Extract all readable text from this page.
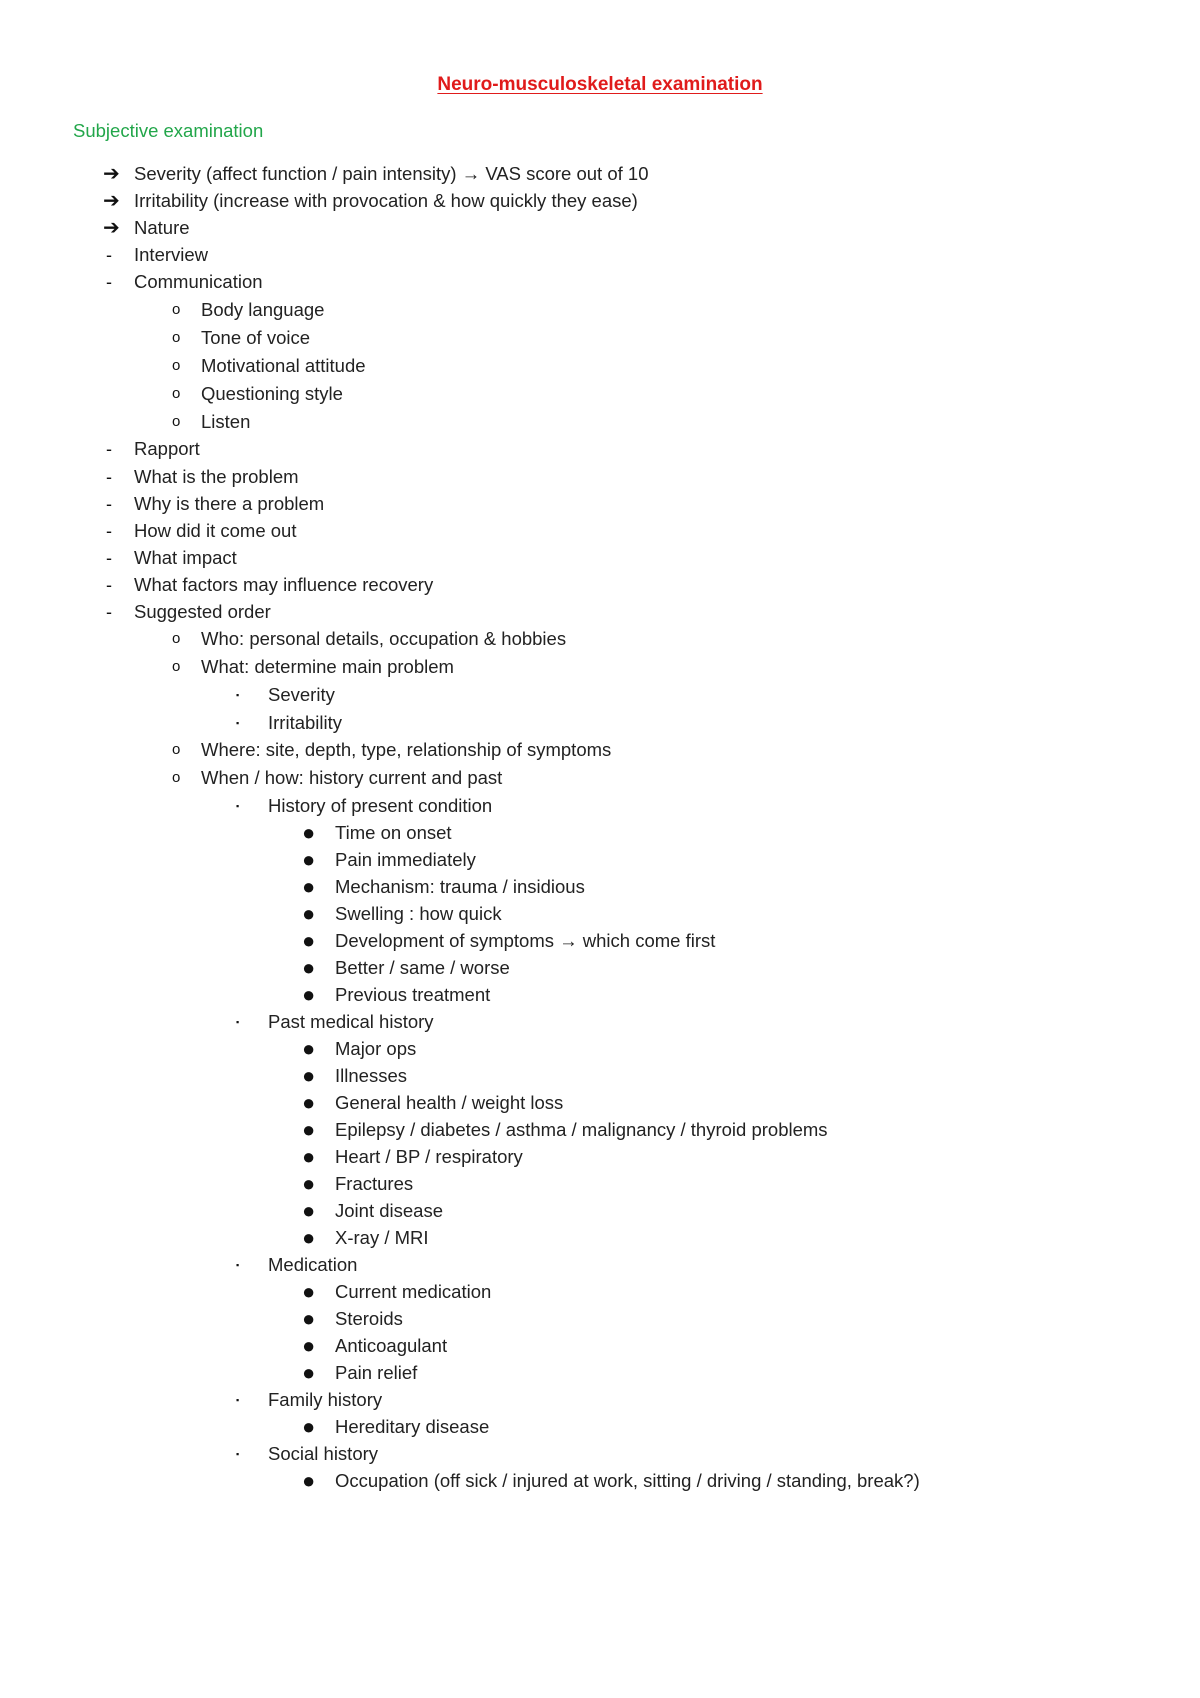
Neuro-musculoskeletal examination
Subjective examination
➔ Severity (affect function / pain intensity) → VAS score out of 10
➔ Irritability (increase with provocation & how quickly they ease)
➔ Nature
- Interview
- Communication
o Body language
o Tone of voice
o Motivational attitude
o Questioning style
o Listen
- Rapport
- What is the problem
- Why is there a problem
- How did it come out
- What impact
- What factors may influence recovery
- Suggested order
o Who: personal details, occupation & hobbies
o What: determine main problem
▪ Severity
▪ Irritability
o Where: site, depth, type, relationship of symptoms
o When / how: history current and past
▪ History of present condition
● Time on onset
● Pain immediately
● Mechanism: trauma / insidious
● Swelling : how quick
● Development of symptoms → which come first
● Better / same / worse
● Previous treatment
▪ Past medical history
● Major ops
● Illnesses
● General health / weight loss
● Epilepsy / diabetes / asthma / malignancy / thyroid problems
● Heart / BP / respiratory
● Fractures
● Joint disease
● X-ray / MRI
▪ Medication
● Current medication
● Steroids
● Anticoagulant
● Pain relief
▪ Family history
● Hereditary disease
▪ Social history
● Occupation (off sick / injured at work, sitting / driving / standing, break?)
